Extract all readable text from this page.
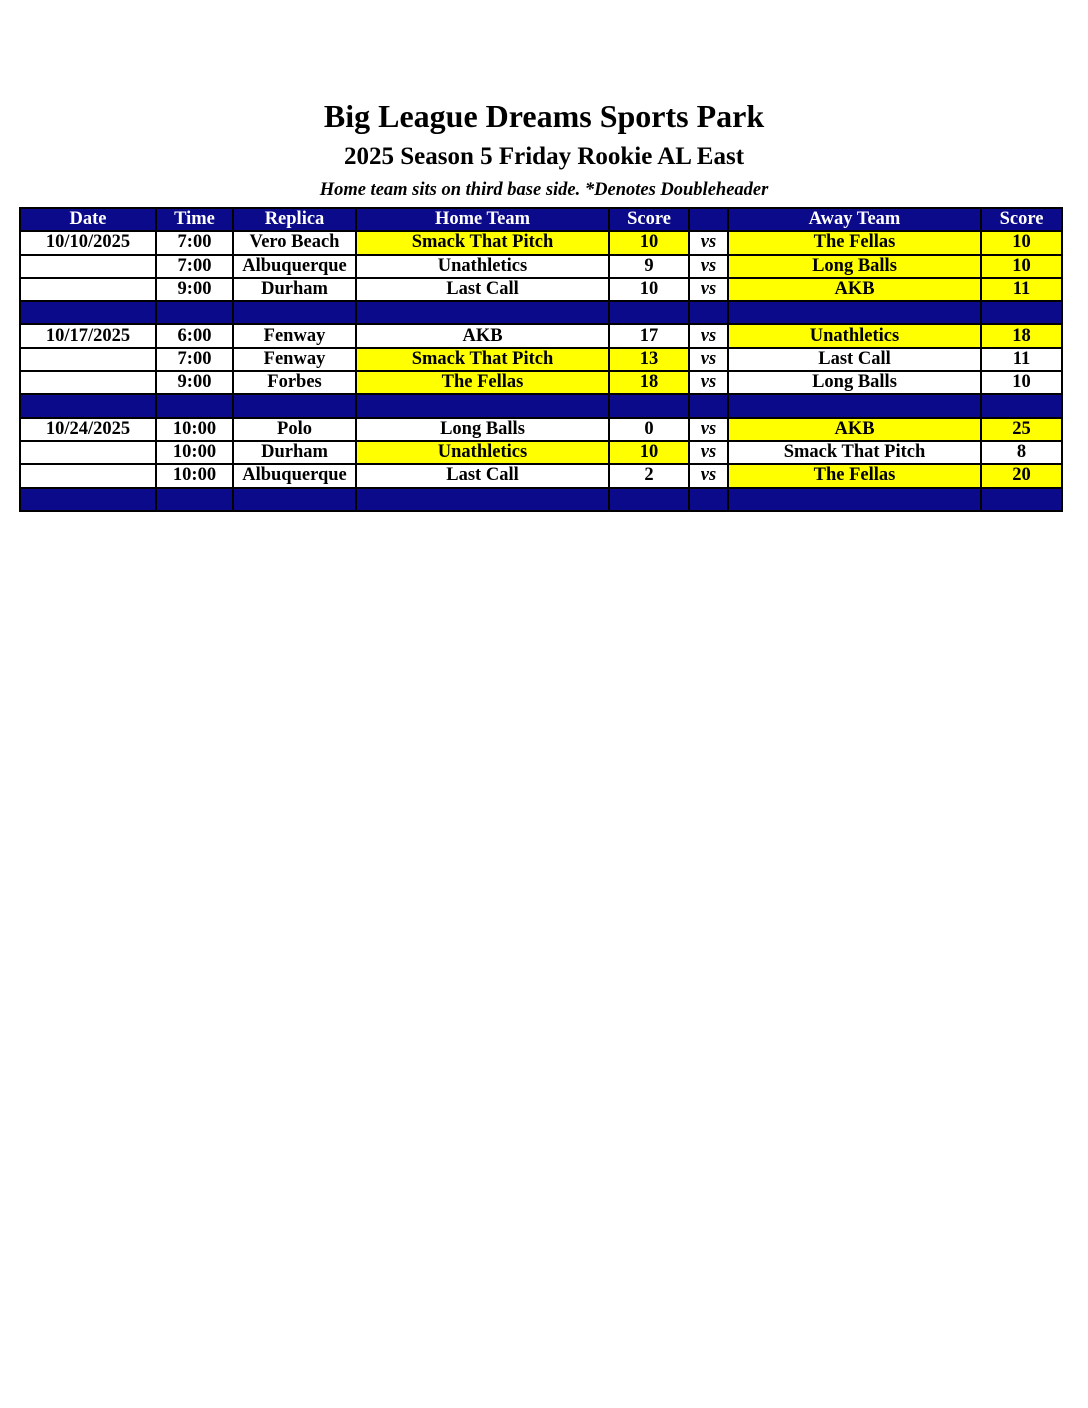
Big League Dreams Sports Park
2025 Season 5 Friday Rookie AL East
Home team sits on third base side. *Denotes Doubleheader
Date	Time	Replica	Home Team	Score		Away Team	Score
10/10/2025	7:00	Vero Beach	Smack That Pitch	10	vs	The Fellas	10
	7:00	Albuquerque	Unathletics	9	vs	Long Balls	10
	9:00	Durham	Last Call	10	vs	AKB	11

10/17/2025	6:00	Fenway	AKB	17	vs	Unathletics	18
	7:00	Fenway	Smack That Pitch	13	vs	Last Call	11
	9:00	Forbes	The Fellas	18	vs	Long Balls	10

10/24/2025	10:00	Polo	Long Balls	0	vs	AKB	25
	10:00	Durham	Unathletics	10	vs	Smack That Pitch	8
	10:00	Albuquerque	Last Call	2	vs	The Fellas	20
